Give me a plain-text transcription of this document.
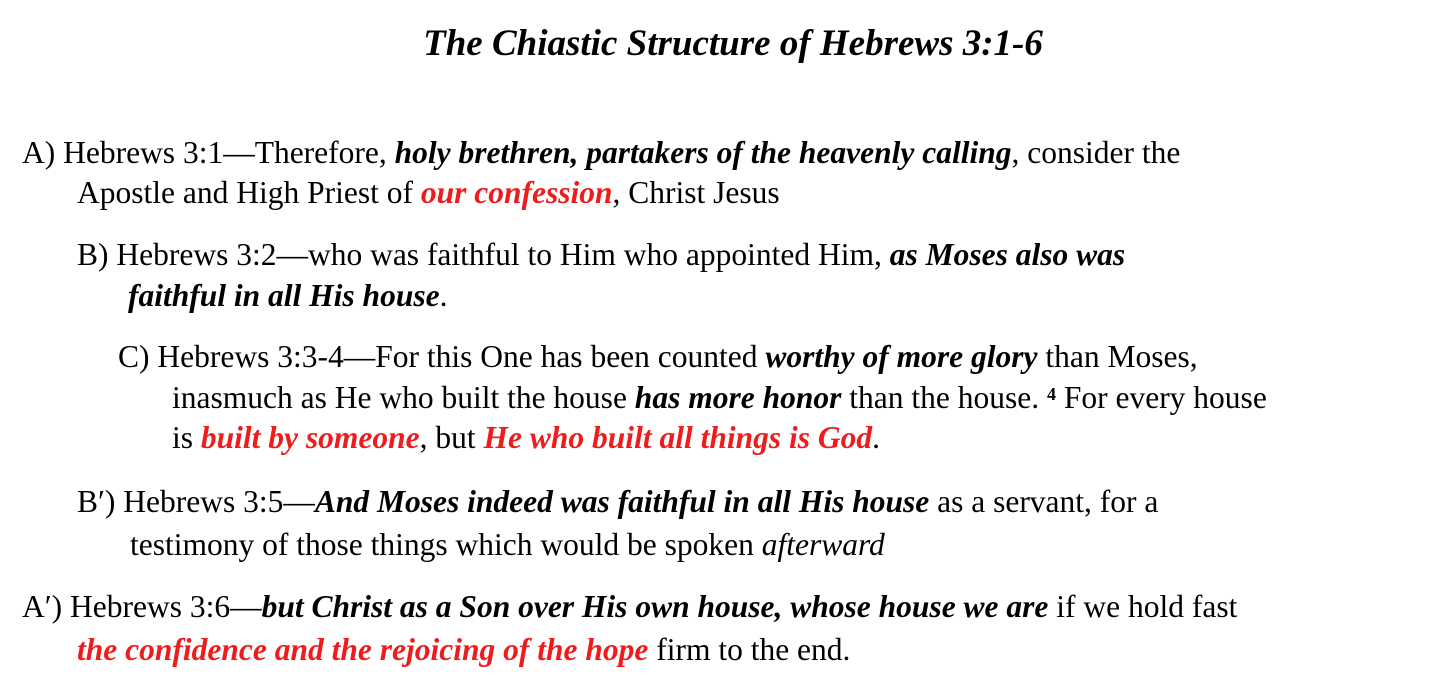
The Chiastic Structure of Hebrews 3:1-6
A) Hebrews 3:1—Therefore, holy brethren, partakers of the heavenly calling, consider the
Apostle and High Priest of our confession, Christ Jesus
B) Hebrews 3:2—who was faithful to Him who appointed Him, as Moses also was
faithful in all His house.
C) Hebrews 3:3-4—For this One has been counted worthy of more glory than Moses,
inasmuch as He who built the house has more honor than the house. $^4$ For every house
is built by someone, but He who built all things is God.
B′) Hebrews 3:5—And Moses indeed was faithful in all His house as a servant, for a
testimony of those things which would be spoken afterward
A′) Hebrews 3:6—but Christ as a Son over His own house, whose house we are if we hold fast
the confidence and the rejoicing of the hope firm to the end.
